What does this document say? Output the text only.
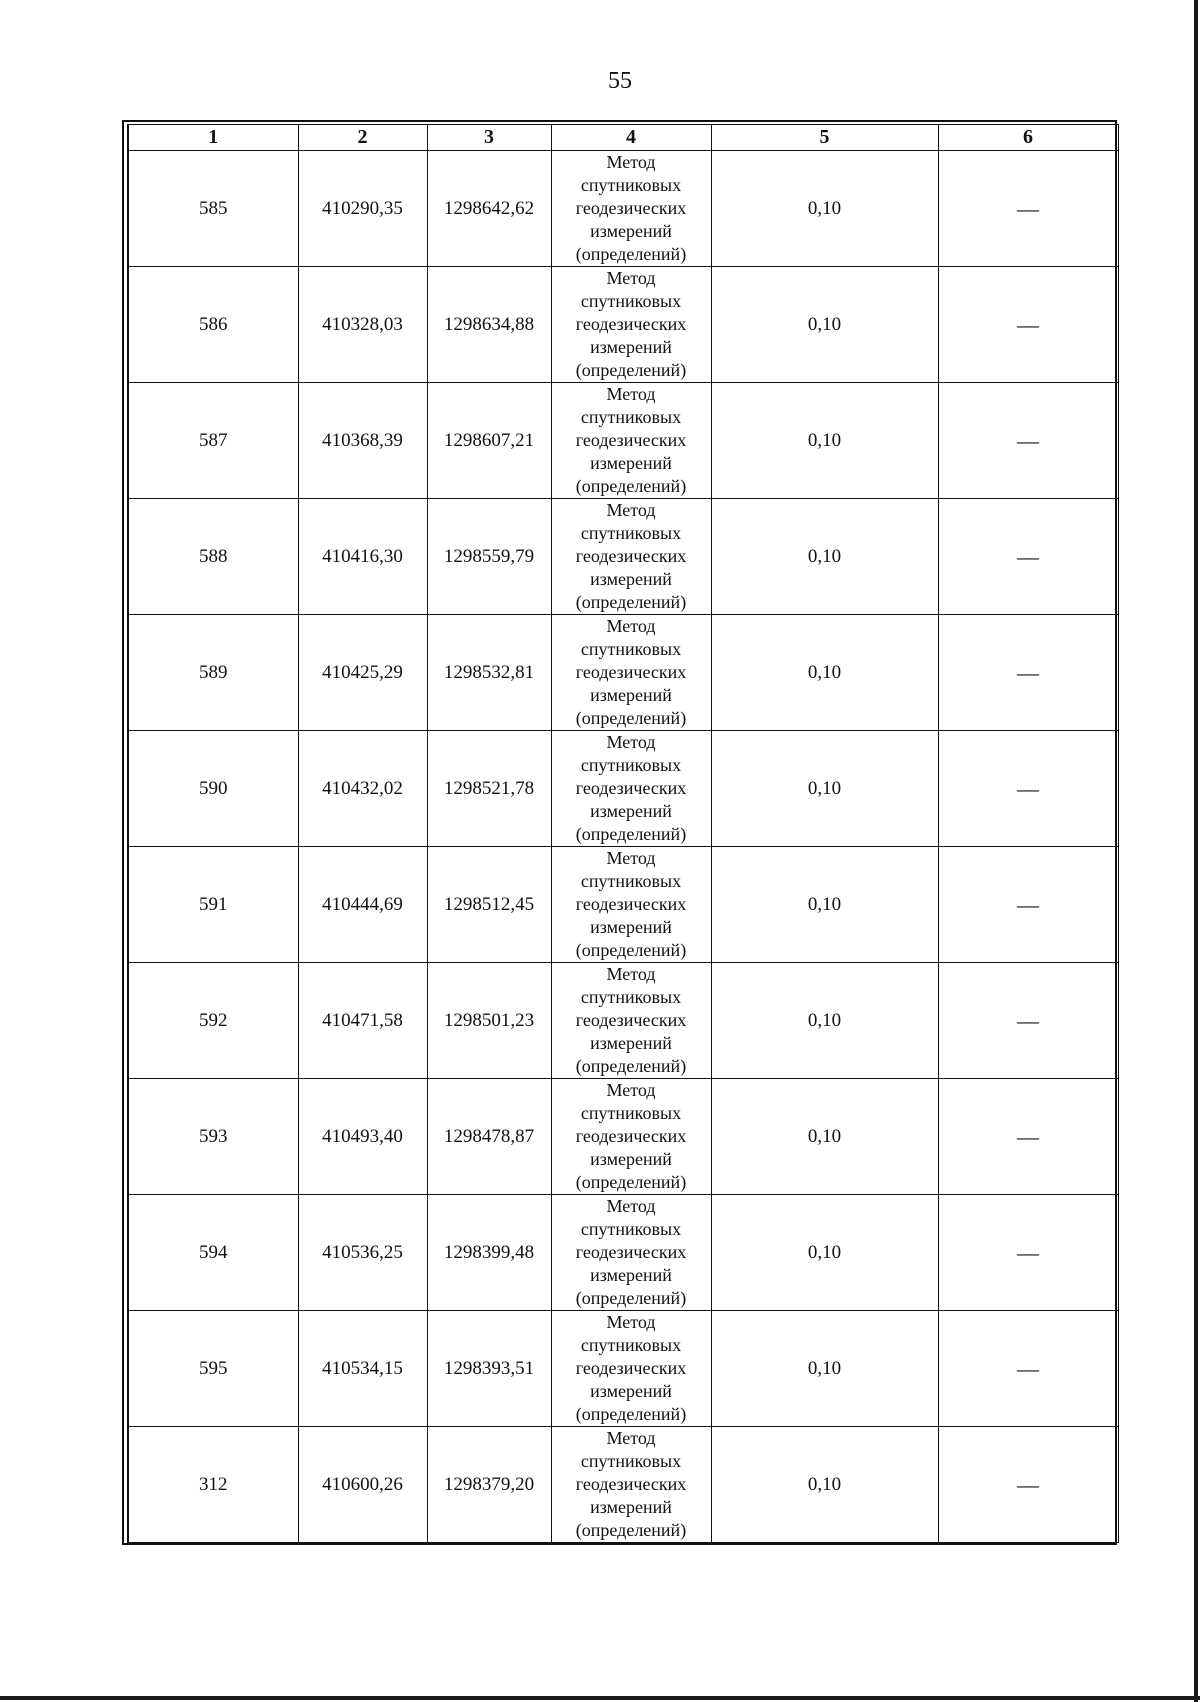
55
1	2	3	4	5	6
585	410290,35	1298642,62	Метод
спутниковых
геодезических
измерений
(определений)	0,10	—
586	410328,03	1298634,88	Метод
спутниковых
геодезических
измерений
(определений)	0,10	—
587	410368,39	1298607,21	Метод
спутниковых
геодезических
измерений
(определений)	0,10	—
588	410416,30	1298559,79	Метод
спутниковых
геодезических
измерений
(определений)	0,10	—
589	410425,29	1298532,81	Метод
спутниковых
геодезических
измерений
(определений)	0,10	—
590	410432,02	1298521,78	Метод
спутниковых
геодезических
измерений
(определений)	0,10	—
591	410444,69	1298512,45	Метод
спутниковых
геодезических
измерений
(определений)	0,10	—
592	410471,58	1298501,23	Метод
спутниковых
геодезических
измерений
(определений)	0,10	—
593	410493,40	1298478,87	Метод
спутниковых
геодезических
измерений
(определений)	0,10	—
594	410536,25	1298399,48	Метод
спутниковых
геодезических
измерений
(определений)	0,10	—
595	410534,15	1298393,51	Метод
спутниковых
геодезических
измерений
(определений)	0,10	—
312	410600,26	1298379,20	Метод
спутниковых
геодезических
измерений
(определений)	0,10	—
